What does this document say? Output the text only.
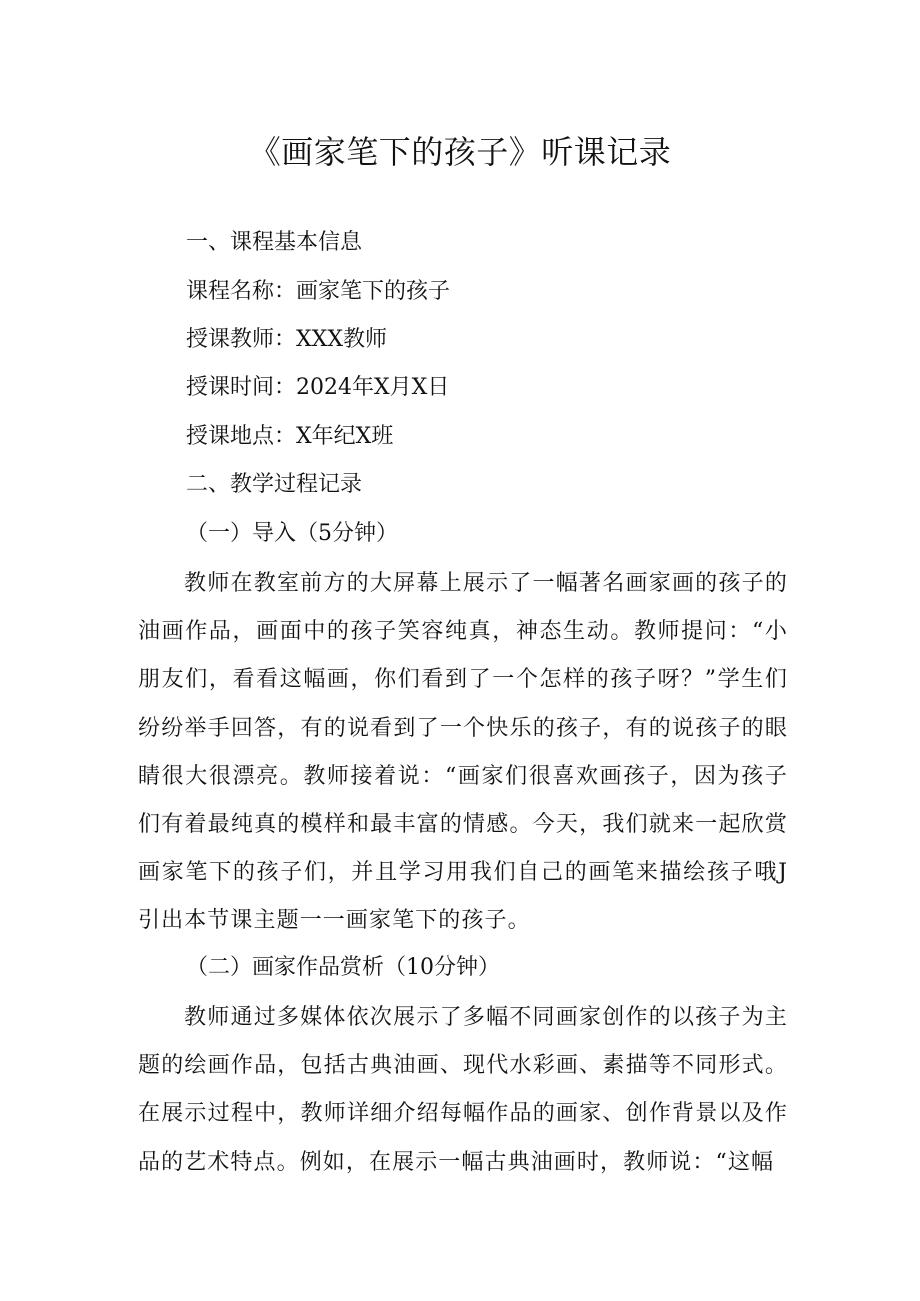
《画家笔下的孩子》听课记录

一、课程基本信息

课程名称：画家笔下的孩子

授课教师：XXX教师

授课时间：2024年X月X日

授课地点：X年纪X班

二、教学过程记录

（一）导入（5分钟）

教师在教室前方的大屏幕上展示了一幅著名画家画的孩子的油画作品，画面中的孩子笑容纯真，神态生动。教师提问：“小朋友们，看看这幅画，你们看到了一个怎样的孩子呀？”学生们纷纷举手回答，有的说看到了一个快乐的孩子，有的说孩子的眼睛很大很漂亮。教师接着说：“画家们很喜欢画孩子，因为孩子们有着最纯真的模样和最丰富的情感。今天，我们就来一起欣赏画家笔下的孩子们，并且学习用我们自己的画笔来描绘孩子哦J引出本节课主题一一画家笔下的孩子。

（二）画家作品赏析（10分钟）

教师通过多媒体依次展示了多幅不同画家创作的以孩子为主题的绘画作品，包括古典油画、现代水彩画、素描等不同形式。在展示过程中，教师详细介绍每幅作品的画家、创作背景以及作品的艺术特点。例如，在展示一幅古典油画时，教师说：“这幅
